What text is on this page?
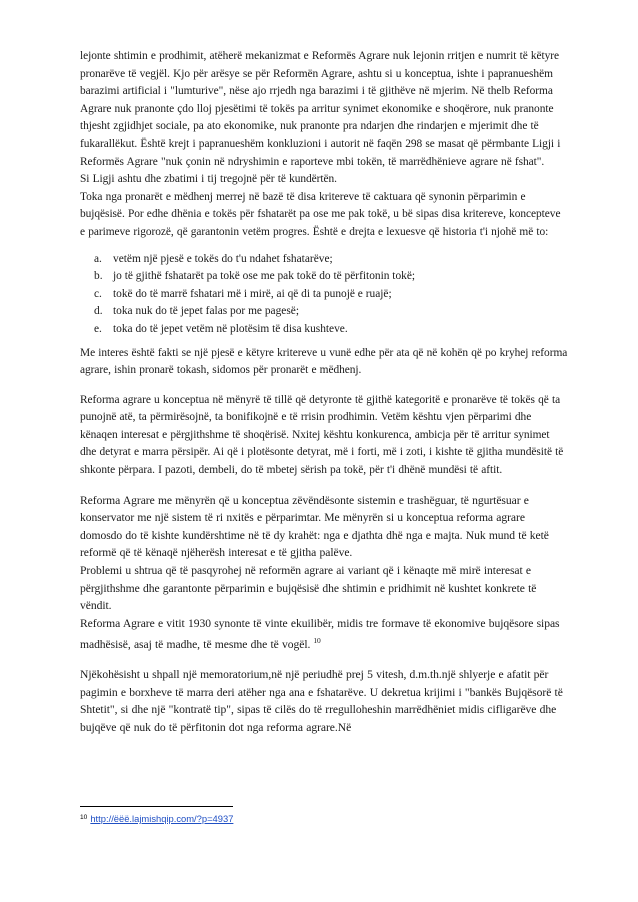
lejonte shtimin e prodhimit, atëherë mekanizmat e Reformës Agrare nuk lejonin rritjen e numrit të këtyre pronarëve të vegjël. Kjo për arësye se për Reformën Agrare, ashtu si u konceptua, ishte i papranueshëm barazimi artificial i "lumturive", nëse ajo rrjedh nga barazimi i të gjithëve në mjerim. Në thelb Reforma Agrare nuk pranonte çdo lloj pjesëtimi të tokës pa arritur synimet ekonomike e shoqërore, nuk pranonte thjesht zgjidhjet sociale, pa ato ekonomike, nuk pranonte pra ndarjen dhe rindarjen e mjerimit dhe të fukarallëkut. Është krejt i papranueshëm konkluzioni i autorit në faqën 298 se masat që përmbante Ligji i Reformës Agrare "nuk çonin në ndryshimin e raporteve mbi tokën, të marrëdhënieve agrare në fshat".

Si Ligji ashtu dhe zbatimi i tij tregojnë për të kundërtën.

Toka nga pronarët e mëdhenj merrej në bazë të disa kritereve të caktuara që synonin përparimin e bujqësisë. Por edhe dhënia e tokës për fshatarët pa ose me pak tokë, u bë sipas disa kritereve, koncepteve e parimeve rigorozë, që garantonin vetëm progres. Është e drejta e lexuesve që historia t'i njohë më to:

a. vetëm një pjesë e tokës do t'u ndahet fshatarëve;
b. jo të gjithë fshatarët pa tokë ose me pak tokë do të përfitonin tokë;
c. tokë do të marrë fshatari më i mirë, ai që di ta punojë e ruajë;
d. toka nuk do të jepet falas por me pagesë;
e. toka do të jepet vetëm në plotësim të disa kushteve.

Me interes është fakti se një pjesë e këtyre kritereve u vunë edhe për ata që në kohën që po kryhej reforma agrare, ishin pronarë tokash, sidomos për pronarët e mëdhenj.

Reforma agrare u konceptua në mënyrë të tillë që detyronte të gjithë kategoritë e pronarëve të tokës që ta punojnë atë, ta përmirësojnë, ta bonifikojnë e të rrisin prodhimin. Vetëm kështu vjen përparimi dhe kënaqen interesat e përgjithshme të shoqërisë. Nxitej kështu konkurenca, ambicja për të arritur synimet dhe detyrat e marra përsipër. Ai që i plotësonte detyrat, më i forti, më i zoti, i kishte të gjitha mundësitë të shkonte përpara. I pazoti, dembeli, do të mbetej sërish pa tokë, për t'i dhënë mundësi të aftit.

Reforma Agrare me mënyrën që u konceptua zëvëndësonte sistemin e trashëguar, të ngurtësuar e konservator me një sistem të ri nxitës e përparimtar. Me mënyrën si u konceptua reforma agrare domosdo do të kishte kundërshtime në të dy krahët: nga e djathta dhë nga e majta. Nuk mund të ketë reformë që të kënaqë njëherësh interesat e të gjitha palëve.

Problemi u shtrua që të pasqyrohej në reformën agrare ai variant që i kënaqte më mirë interesat e përgjithshme dhe garantonte përparimin e bujqësisë dhe shtimin e pridhimit në kushtet konkrete të vëndit.

Reforma Agrare e vitit 1930 synonte të vinte ekuilibër, midis tre formave të ekonomive bujqësore sipas madhësisë, asaj të madhe, të mesme dhe të vogël. $^{10}$

Njëkohësisht u shpall një memoratorium,në një periudhë prej 5 vitesh, d.m.th.një shlyerje e afatit për pagimin e borxheve të marra deri atëher nga ana e fshatarëve. U dekretua krijimi i "bankës Bujqësorë të Shtetit", si dhe një "kontratë tip", sipas të cilës do të rregulloheshin marrëdhëniet midis cifligarëve dhe bujqëve që nuk do të përfitonin dot nga reforma agrare.Në

$^{10}$ http://ëëë.lajmishqip.com/?p=4937
